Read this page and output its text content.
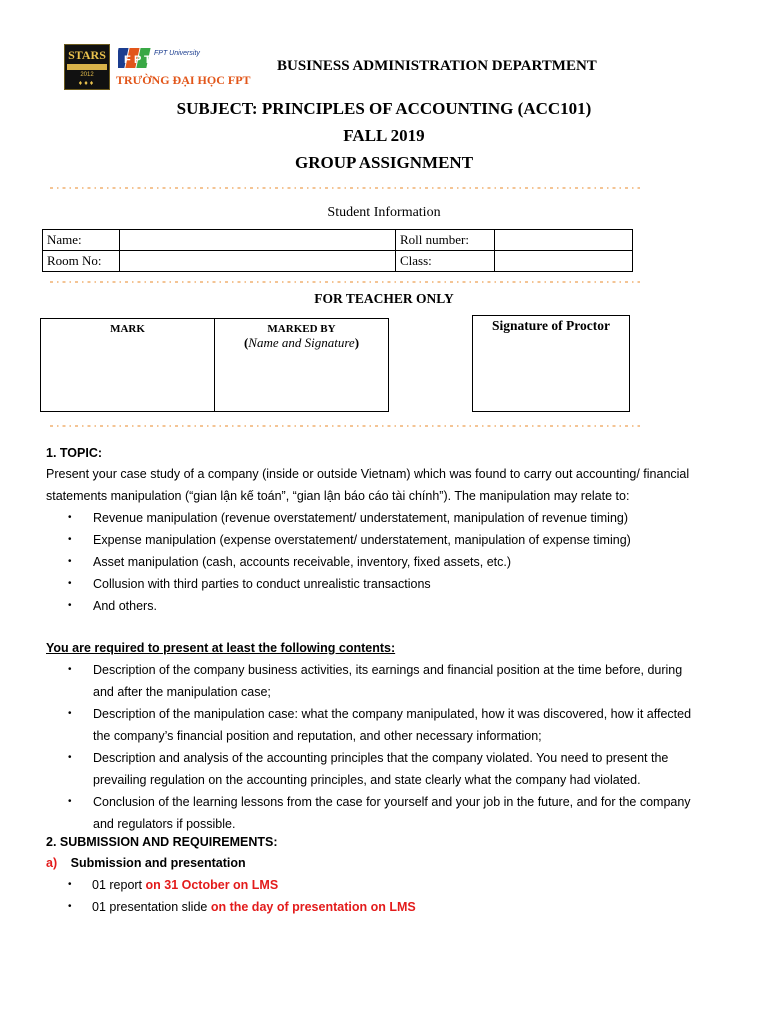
STARS
2012
♦♦♦
F P T
FPT University
TRƯỜNG ĐẠI HỌC FPT
BUSINESS ADMINISTRATION DEPARTMENT
SUBJECT: PRINCIPLES OF ACCOUNTING (ACC101)
FALL 2019
GROUP ASSIGNMENT
Student Information
Name:		Roll number:	
Room No:		Class:	
FOR TEACHER ONLY
MARK	MARKED BY
(Name and Signature)
Signature of Proctor
1. TOPIC:
Present your case study of a company (inside or outside Vietnam) which was found to carry out accounting/ financial
statements manipulation (“gian lận kế toán”, “gian lận báo cáo tài chính”). The manipulation may relate to:
• Revenue manipulation (revenue overstatement/ understatement, manipulation of revenue timing)
• Expense manipulation (expense overstatement/ understatement, manipulation of expense timing)
• Asset manipulation (cash, accounts receivable, inventory, fixed assets, etc.)
• Collusion with third parties to conduct unrealistic transactions
• And others.
You are required to present at least the following contents:
• Description of the company business activities, its earnings and financial position at the time before, during
and after the manipulation case;
• Description of the manipulation case: what the company manipulated, how it was discovered, how it affected
the company’s financial position and reputation, and other necessary information;
• Description and analysis of the accounting principles that the company violated. You need to present the
prevailing regulation on the accounting principles, and state clearly what the company had violated.
• Conclusion of the learning lessons from the case for yourself and your job in the future, and for the company
and regulators if possible.
2. SUBMISSION AND REQUIREMENTS:
a) Submission and presentation
• 01 report on 31 October on LMS
• 01 presentation slide on the day of presentation on LMS
